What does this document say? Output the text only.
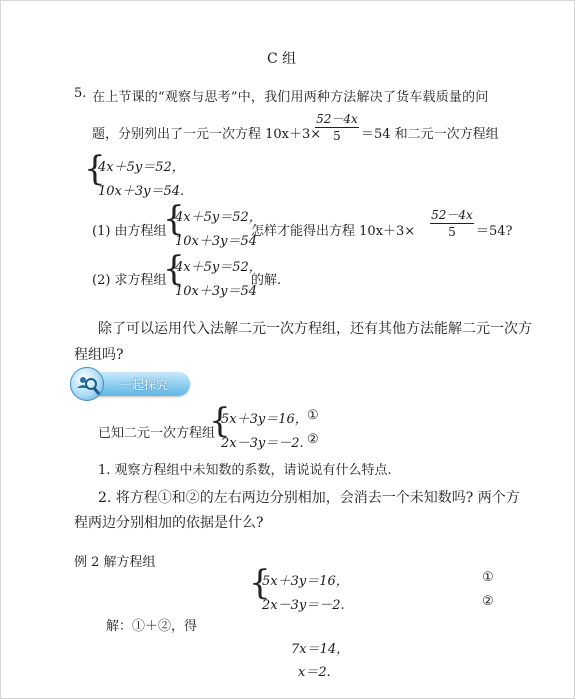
C 组
5. 在上节课的“观察与思考”中，我们用两种方法解决了货车载质量的问
题，分别列出了一元一次方程 10x＋3×
52－4x
5	＝54 和二元一次方程组
{
4x＋5y＝52，
10x＋3y＝54.
(1) 由方程组
{
4x＋5y＝52，
10x＋3y＝54
怎样才能得出方程 10x＋3×
52－4x
5	＝54?
(2) 求方程组
{
4x＋5y＝52，
10x＋3y＝54
的解.
除了可以运用代入法解二元一次方程组，还有其他方法能解二元一次方
程组吗?
一起探究
已知二元一次方程组
{
5x＋3y＝16， ①
2x－3y＝－2. ②
1. 观察方程组中未知数的系数，请说说有什么特点.
2. 将方程①和②的左右两边分别相加，会消去一个未知数吗? 两个方
程两边分别相加的依据是什么?
例 2 解方程组
{
5x＋3y＝16，	①
2x－3y＝－2.	②
解：①＋②，得
7x＝14，
x＝2.
